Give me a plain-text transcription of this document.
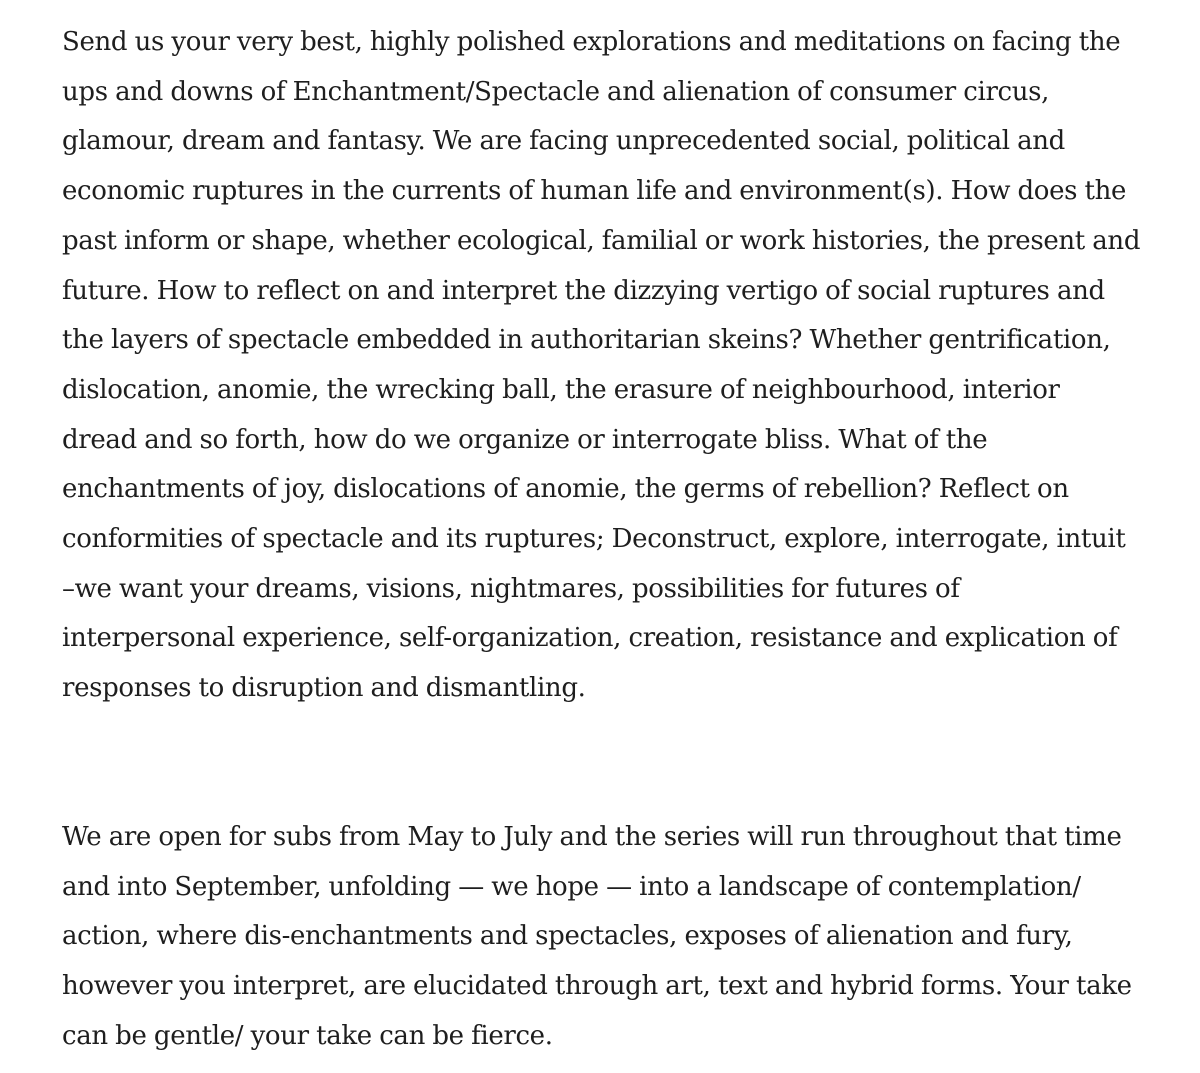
Send us your very best, highly polished explorations and meditations on facing the
ups and downs of Enchantment/Spectacle and alienation of consumer circus,
glamour, dream and fantasy. We are facing unprecedented social, political and
economic ruptures in the currents of human life and environment(s). How does the
past inform or shape, whether ecological, familial or work histories, the present and
future. How to reflect on and interpret the dizzying vertigo of social ruptures and
the layers of spectacle embedded in authoritarian skeins? Whether gentrification,
dislocation, anomie, the wrecking ball, the erasure of neighbourhood, interior
dread and so forth, how do we organize or interrogate bliss. What of the
enchantments of joy, dislocations of anomie, the germs of rebellion? Reflect on
conformities of spectacle and its ruptures; Deconstruct, explore, interrogate, intuit
–we want your dreams, visions, nightmares, possibilities for futures of
interpersonal experience, self-organization, creation, resistance and explication of
responses to disruption and dismantling.

We are open for subs from May to July and the series will run throughout that time
and into September, unfolding — we hope — into a landscape of contemplation/
action, where dis-enchantments and spectacles, exposes of alienation and fury,
however you interpret, are elucidated through art, text and hybrid forms. Your take
can be gentle/ your take can be fierce.
